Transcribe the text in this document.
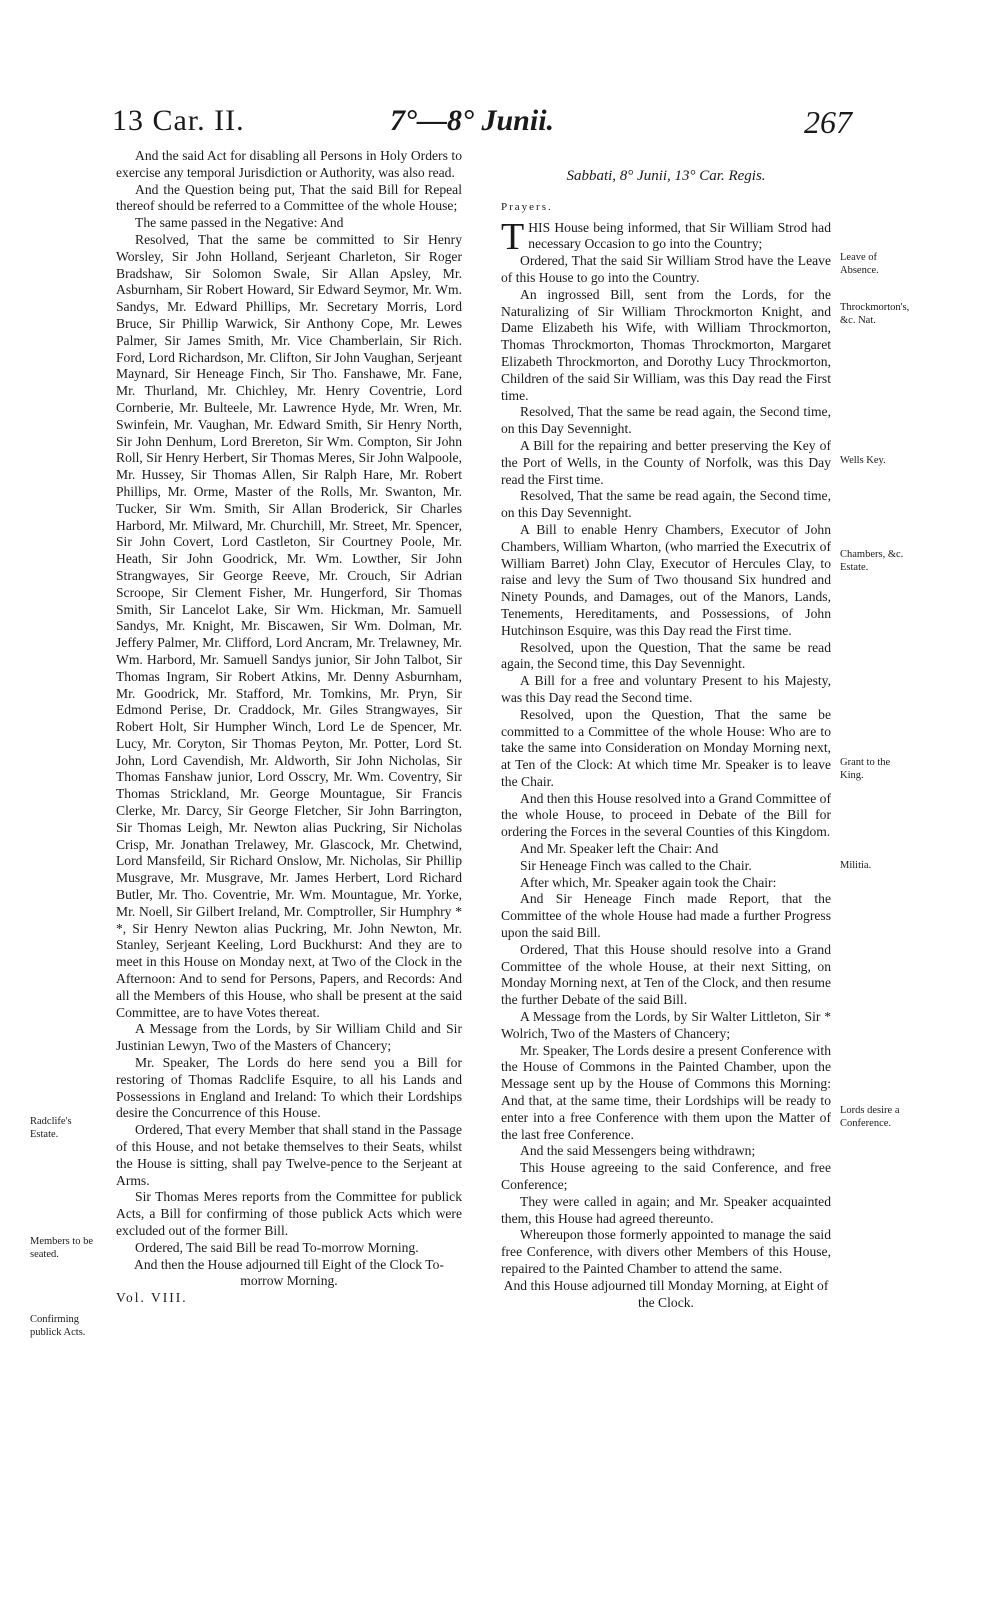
13 Car. II.	7°—8° Junii.	267

And the said Act for disabling all Persons in Holy Orders to exercise any temporal Jurisdiction or Authority, was also read.

And the Question being put, That the said Bill for Repeal thereof should be referred to a Committee of the whole House;

The same passed in the Negative: And

Resolved, That the same be committed to Sir Henry Worsley, Sir John Holland, Serjeant Charleton, Sir Roger Bradshaw, Sir Solomon Swale, Sir Allan Apsley, Mr. Asburnham, Sir Robert Howard, Sir Edward Seymor, Mr. Wm. Sandys, Mr. Edward Phillips, Mr. Secretary Morris, Lord Bruce, Sir Phillip Warwick, Sir Anthony Cope, Mr. Lewes Palmer, Sir James Smith, Mr. Vice Chamberlain, Sir Rich. Ford, Lord Richardson, Mr. Clifton, Sir John Vaughan, Serjeant Maynard, Sir Heneage Finch, Sir Tho. Fanshawe, Mr. Fane, Mr. Thurland, Mr. Chichley, Mr. Henry Coventrie, Lord Cornberie, Mr. Bulteele, Mr. Lawrence Hyde, Mr. Wren, Mr. Swinfein, Mr. Vaughan, Mr. Edward Smith, Sir Henry North, Sir John Denhum, Lord Brereton, Sir Wm. Compton, Sir John Roll, Sir Henry Herbert, Sir Thomas Meres, Sir John Walpoole, Mr. Hussey, Sir Thomas Allen, Sir Ralph Hare, Mr. Robert Phillips, Mr. Orme, Master of the Rolls, Mr. Swanton, Mr. Tucker, Sir Wm. Smith, Sir Allan Broderick, Sir Charles Harbord, Mr. Milward, Mr. Churchill, Mr. Street, Mr. Spencer, Sir John Covert, Lord Castleton, Sir Courtney Poole, Mr. Heath, Sir John Goodrick, Mr. Wm. Lowther, Sir John Strangwayes, Sir George Reeve, Mr. Crouch, Sir Adrian Scroope, Sir Clement Fisher, Mr. Hungerford, Sir Thomas Smith, Sir Lancelot Lake, Sir Wm. Hickman, Mr. Samuell Sandys, Mr. Knight, Mr. Biscawen, Sir Wm. Dolman, Mr. Jeffery Palmer, Mr. Clifford, Lord Ancram, Mr. Trelawney, Mr. Wm. Harbord, Mr. Samuell Sandys junior, Sir John Talbot, Sir Thomas Ingram, Sir Robert Atkins, Mr. Denny Asburnham, Mr. Goodrick, Mr. Stafford, Mr. Tomkins, Mr. Pryn, Sir Edmond Perise, Dr. Craddock, Mr. Giles Strangwayes, Sir Robert Holt, Sir Humpher Winch, Lord Le de Spencer, Mr. Lucy, Mr. Coryton, Sir Thomas Peyton, Mr. Potter, Lord St. John, Lord Cavendish, Mr. Aldworth, Sir John Nicholas, Sir Thomas Fanshaw junior, Lord Osscry, Mr. Wm. Coventry, Sir Thomas Strickland, Mr. George Mountague, Sir Francis Clerke, Mr. Darcy, Sir George Fletcher, Sir John Barrington, Sir Thomas Leigh, Mr. Newton alias Puckring, Sir Nicholas Crisp, Mr. Jonathan Trelawey, Mr. Glascock, Mr. Chetwind, Lord Mansfeild, Sir Richard Onslow, Mr. Nicholas, Sir Phillip Musgrave, Mr. Musgrave, Mr. James Herbert, Lord Richard Butler, Mr. Tho. Coventrie, Mr. Wm. Mountague, Mr. Yorke, Mr. Noell, Sir Gilbert Ireland, Mr. Comptroller, Sir Humphry * *, Sir Henry Newton alias Puckring, Mr. John Newton, Mr. Stanley, Serjeant Keeling, Lord Buckhurst: And they are to meet in this House on Monday next, at Two of the Clock in the Afternoon: And to send for Persons, Papers, and Records: And all the Members of this House, who shall be present at the said Committee, are to have Votes thereat.

A Message from the Lords, by Sir William Child and Sir Justinian Lewyn, Two of the Masters of Chancery;

Mr. Speaker, The Lords do here send you a Bill for restoring of Thomas Radclife Esquire, to all his Lands and Possessions in England and Ireland: To which their Lordships desire the Concurrence of this House.

Ordered, That every Member that shall stand in the Passage of this House, and not betake themselves to their Seats, whilst the House is sitting, shall pay Twelve-pence to the Serjeant at Arms.

Sir Thomas Meres reports from the Committee for publick Acts, a Bill for confirming of those publick Acts which were excluded out of the former Bill.

Ordered, The said Bill be read To-morrow Morning.

And then the House adjourned till Eight of the Clock To-morrow Morning.

Vol. VIII.

Radclife's Estate.
Members to be seated.
Confirming publick Acts.
Sabbati, 8° Junii, 13° Car. Regis.
Prayers.

THIS House being informed, that Sir William Strod had necessary Occasion to go into the Country;

Ordered, That the said Sir William Strod have the Leave of this House to go into the Country.

An ingrossed Bill, sent from the Lords, for the Naturalizing of Sir William Throckmorton Knight, and Dame Elizabeth his Wife, with William Throckmorton, Thomas Throckmorton, Thomas Throckmorton, Margaret Elizabeth Throckmorton, and Dorothy Lucy Throckmorton, Children of the said Sir William, was this Day read the First time.

Resolved, That the same be read again, the Second time, on this Day Sevennight.

A Bill for the repairing and better preserving the Key of the Port of Wells, in the County of Norfolk, was this Day read the First time.

Resolved, That the same be read again, the Second time, on this Day Sevennight.

A Bill to enable Henry Chambers, Executor of John Chambers, William Wharton, (who married the Executrix of William Barret) John Clay, Executor of Hercules Clay, to raise and levy the Sum of Two thousand Six hundred and Ninety Pounds, and Damages, out of the Manors, Lands, Tenements, Hereditaments, and Possessions, of John Hutchinson Esquire, was this Day read the First time.

Resolved, upon the Question, That the same be read again, the Second time, this Day Sevennight.

A Bill for a free and voluntary Present to his Majesty, was this Day read the Second time.

Resolved, upon the Question, That the same be committed to a Committee of the whole House: Who are to take the same into Consideration on Monday Morning next, at Ten of the Clock: At which time Mr. Speaker is to leave the Chair.

And then this House resolved into a Grand Committee of the whole House, to proceed in Debate of the Bill for ordering the Forces in the several Counties of this Kingdom.

And Mr. Speaker left the Chair: And

Sir Heneage Finch was called to the Chair.

After which, Mr. Speaker again took the Chair:

And Sir Heneage Finch made Report, that the Committee of the whole House had made a further Progress upon the said Bill.

Ordered, That this House should resolve into a Grand Committee of the whole House, at their next Sitting, on Monday Morning next, at Ten of the Clock, and then resume the further Debate of the said Bill.

A Message from the Lords, by Sir Walter Littleton, Sir * Wolrich, Two of the Masters of Chancery;

Mr. Speaker, The Lords desire a present Conference with the House of Commons in the Painted Chamber, upon the Message sent up by the House of Commons this Morning: And that, at the same time, their Lordships will be ready to enter into a free Conference with them upon the Matter of the last free Conference.

And the said Messengers being withdrawn;

This House agreeing to the said Conference, and free Conference;

They were called in again; and Mr. Speaker acquainted them, this House had agreed thereunto.

Whereupon those formerly appointed to manage the said free Conference, with divers other Members of this House, repaired to the Painted Chamber to attend the same.

And this House adjourned till Monday Morning, at Eight of the Clock.

Leave of Absence.
Throckmorton's, &c. Nat.
Wells Key.
Chambers, &c. Estate.
Grant to the King.
Militia.
Lords desire a Conference.
